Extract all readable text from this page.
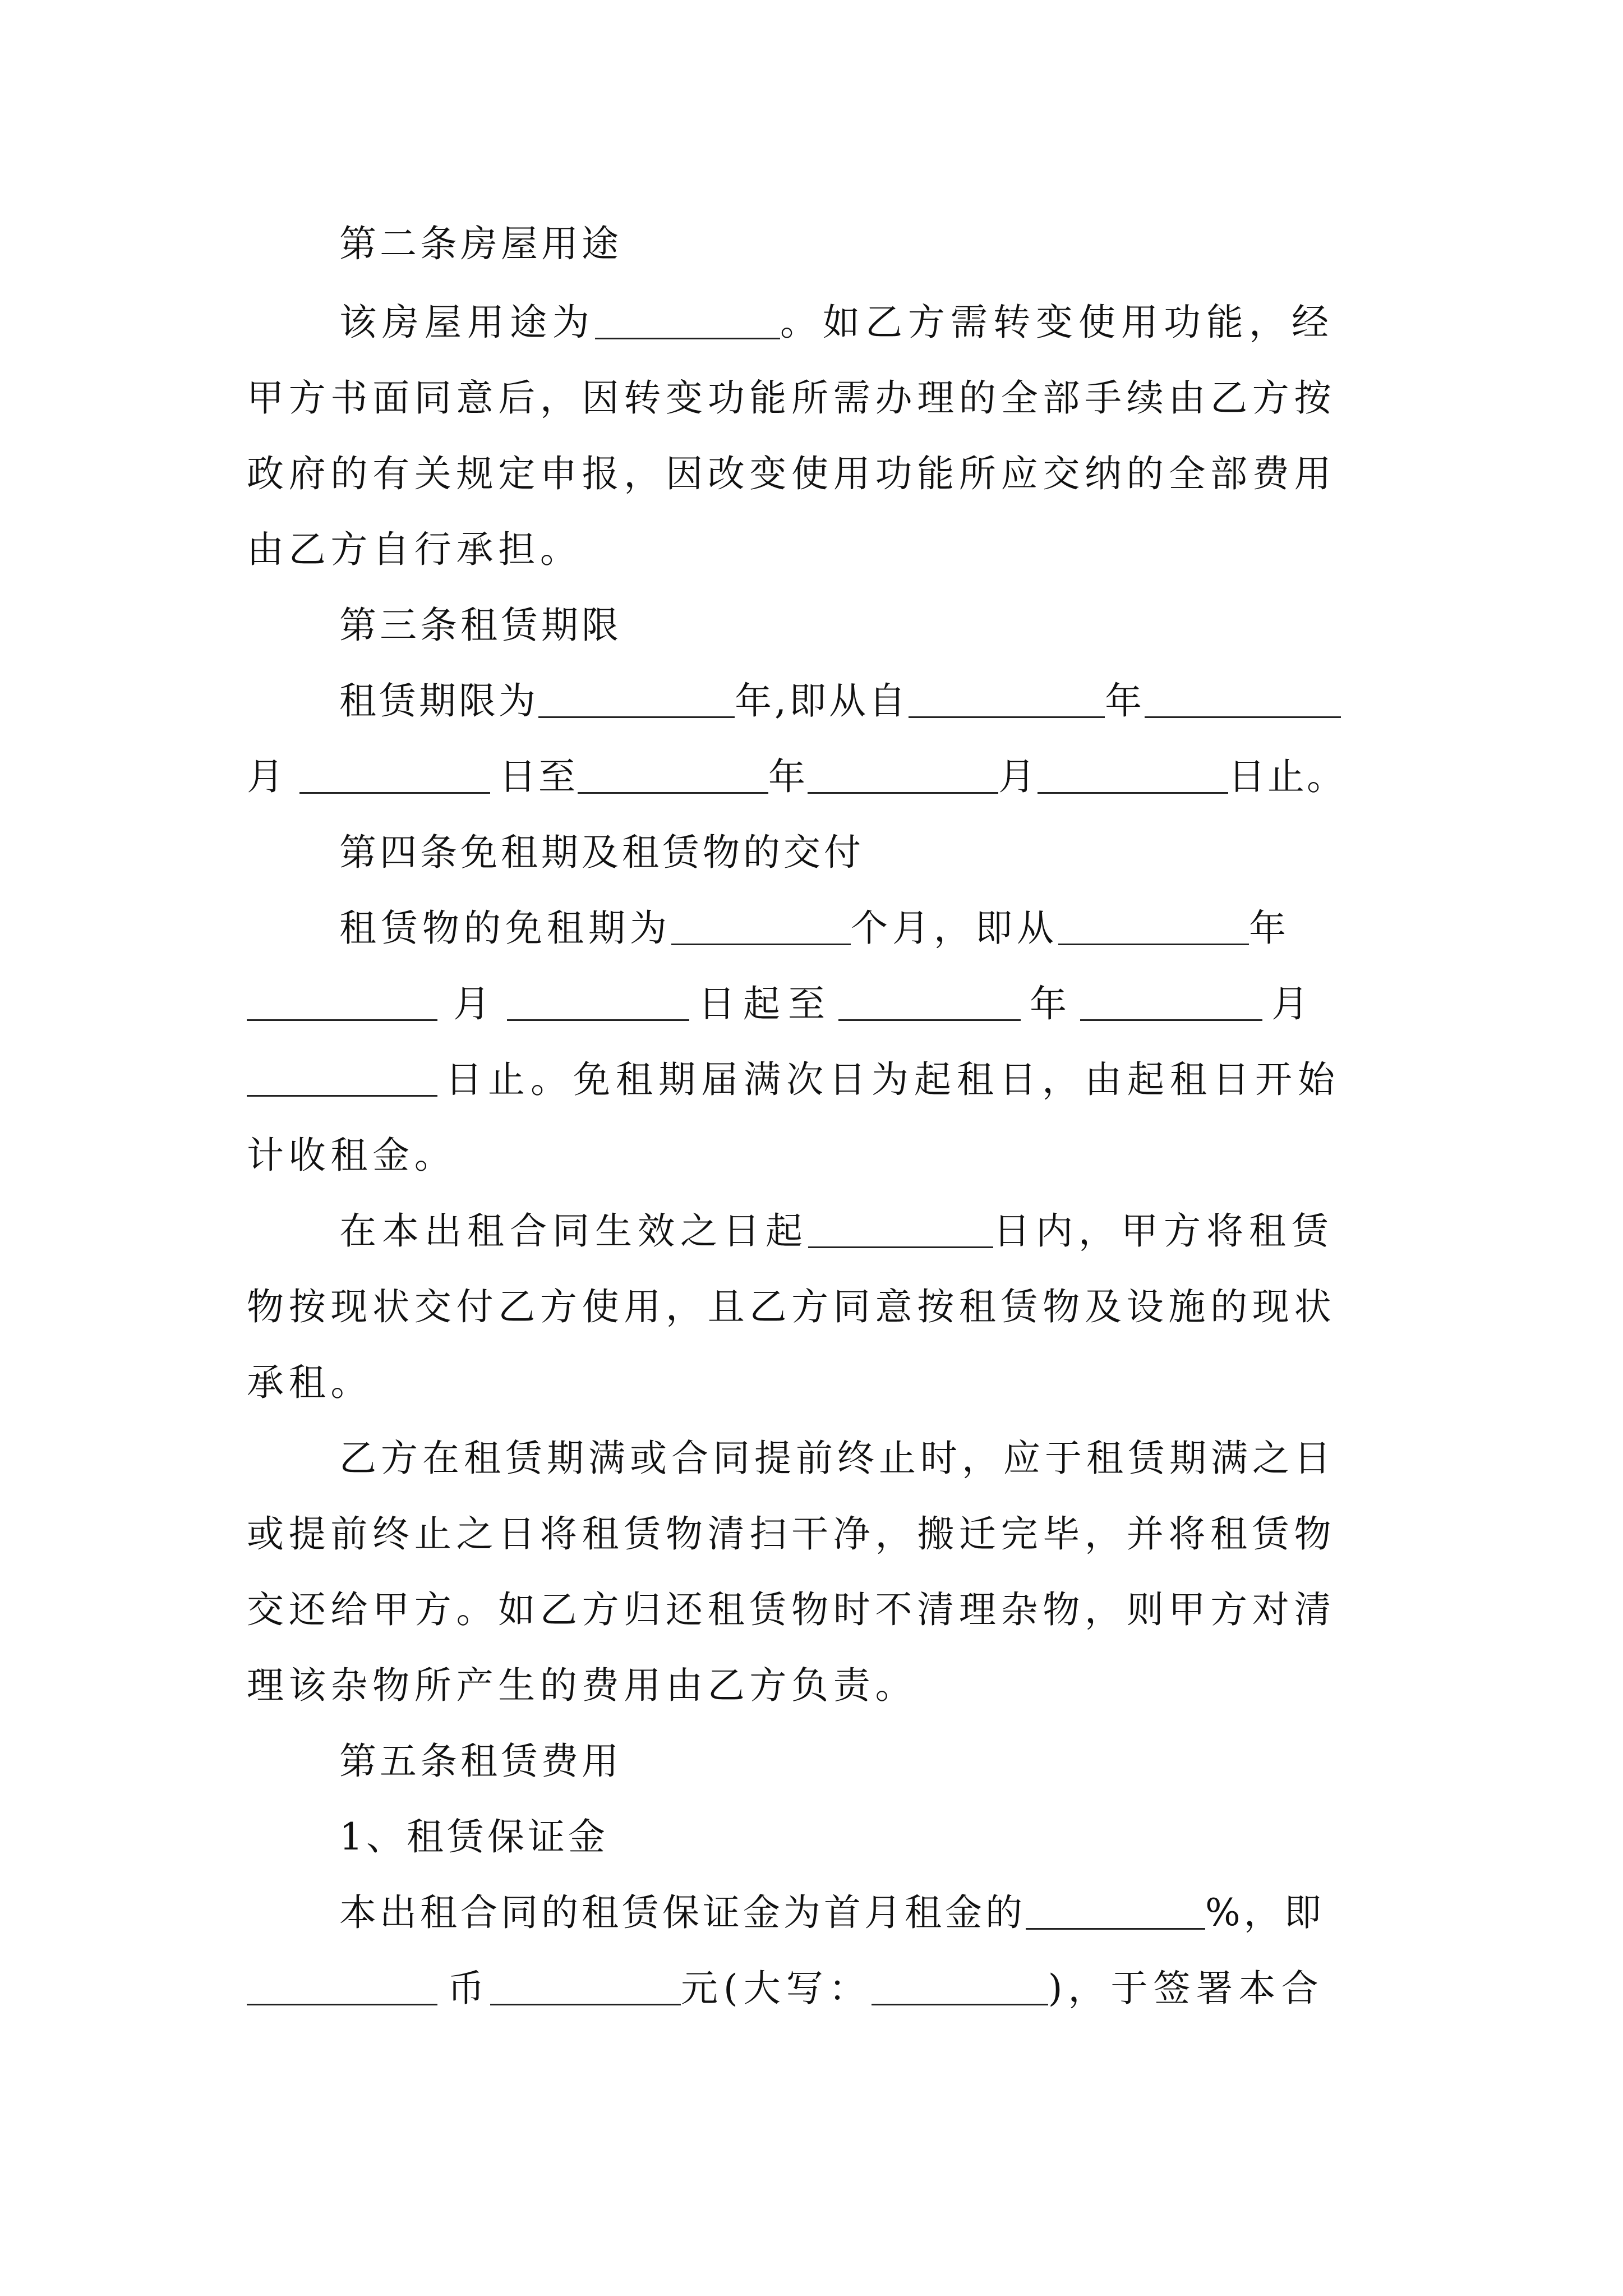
第二条房屋用途
该房屋用途为	。如乙方需转变使用功能，经
甲方书面同意后，因转变功能所需办理的全部手续由乙方按
政府的有关规定申报，因改变使用功能所应交纳的全部费用
由乙方自行承担。
第三条租赁期限
租赁期限为	年,即从自	年
月	日至	年	月	日止。
第四条免租期及租赁物的交付
租赁物的免租期为	个月，即从	年
月	日起至	年	月
日止。免租期届满次日为起租日，由起租日开始
计收租金。
在本出租合同生效之日起	日内，甲方将租赁
物按现状交付乙方使用，且乙方同意按租赁物及设施的现状
承租。
乙方在租赁期满或合同提前终止时，应于租赁期满之日
或提前终止之日将租赁物清扫干净，搬迁完毕，并将租赁物
交还给甲方。如乙方归还租赁物时不清理杂物，则甲方对清
理该杂物所产生的费用由乙方负责。
第五条租赁费用
1、租赁保证金
本出租合同的租赁保证金为首月租金的	%，即
币	元(大写：	)，于签署本合
